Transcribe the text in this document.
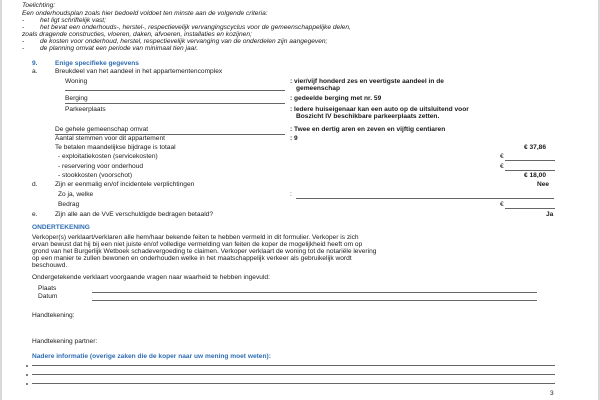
Toelichting:
Een onderhoudsplan zoals hier bedoeld voldoet ten minste aan de volgende criteria:
- het ligt schriftelijk vast;
- het bevat een onderhouds-, herstel-, respectievelijk vervangingscyclus voor de gemeenschappelijke delen,
zoals dragende constructies, vloeren, daken, afvoeren, installaties en kozijnen;
- de kosten voor onderhoud, herstel, respectievelijk vervanging van de onderdelen zijn aangegeven;
- de planning omvat een periode van minimaal tien jaar.
9.	Enige specifieke gegevens
a.	Breukdeel van het aandeel in het appartementencomplex
Woning	: vier/vijf honderd zes en veertigste aandeel in de
gemeenschap
Berging	: gedeelde berging met nr. 59
Parkeerplaats	: Iedere huiseigenaar kan een auto op de uitsluitend voor
Boszicht IV beschikbare parkeerplaats zetten.
De gehele gemeenschap omvat	: Twee en dertig aren en zeven en vijftig centiaren
Aantal stemmen voor dit appartement	: 9
Te betalen maandelijkse bijdrage is totaal	€ 37,86
- exploitatiekosten (servicekosten)	€
- reservering voor onderhoud	€
- stookkosten (voorschot)	€ 18,00
d.	Zijn er eenmalig en/of incidentele verplichtingen	Nee
Zo ja, welke	:
Bedrag	€
e.	Zijn alle aan de VvE verschuldigde bedragen betaald?	Ja
ONDERTEKENING
Verkoper(s) verklaart/verklaren alle hem/haar bekende feiten te hebben vermeld in dit formulier. Verkoper is zich
ervan bewust dat hij bij een niet juiste en/of volledige vermelding van feiten de koper de mogelijkheid heeft om op
grond van het Burgerlijk Wetboek schadevergoeding te claimen. Verkoper verklaart de woning tot de notariële levering
op een manier te zullen bewonen en onderhouden welke in het maatschappelijk verkeer als gebruikelijk wordt
beschouwd.
Ondergetekende verklaart voorgaande vragen naar waarheid te hebben ingevuld:
Plaats
Datum
Handtekening:
Handtekening partner:
Nadere informatie (overige zaken die de koper naar uw mening moet weten):
3
